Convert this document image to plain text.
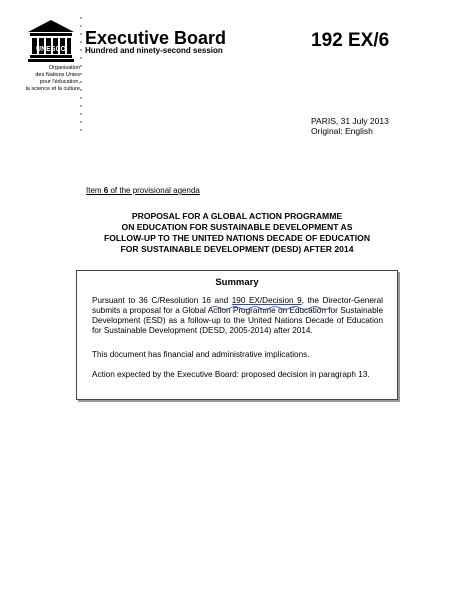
UNESCO
Organisation
des Nations Unies
pour l'éducation,
la science et la culture
Executive Board
Hundred and ninety-second session	192 EX/6
PARIS, 31 July 2013
Original: English
Item 6 of the provisional agenda
PROPOSAL FOR A GLOBAL ACTION PROGRAMME
ON EDUCATION FOR SUSTAINABLE DEVELOPMENT AS
FOLLOW-UP TO THE UNITED NATIONS DECADE OF EDUCATION
FOR SUSTAINABLE DEVELOPMENT (DESD) AFTER 2014
Summary
Pursuant to 36 C/Resolution 16 and 190 EX/Decision 9, the Director-General submits a proposal for a Global Action Programme on Education for Sustainable Development (ESD) as a follow-up to the United Nations Decade of Education for Sustainable Development (DESD, 2005-2014) after 2014.
This document has financial and administrative implications.
Action expected by the Executive Board: proposed decision in paragraph 13.
